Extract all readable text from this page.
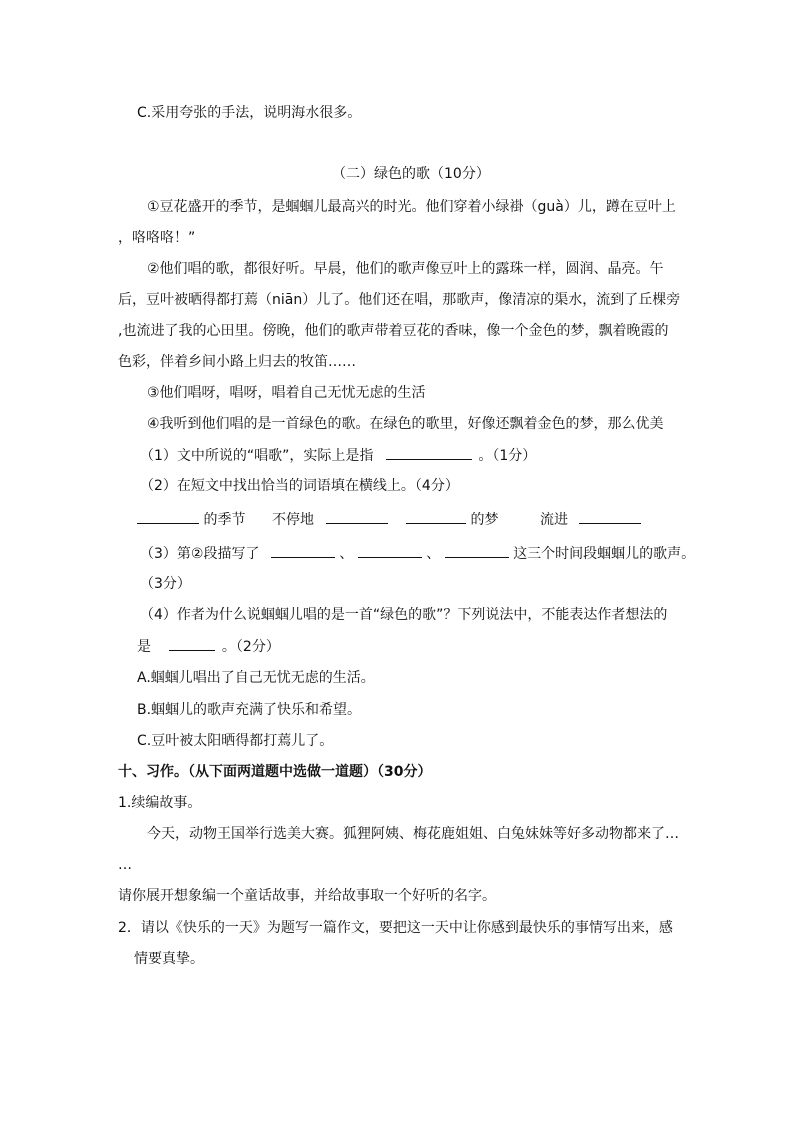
C.采用夸张的手法，说明海水很多。
（二）绿色的歌（10分）
①豆花盛开的季节，是蝈蝈儿最高兴的时光。他们穿着小绿褂（guà）儿，蹲在豆叶上
，咯咯咯！”
②他们唱的歌，都很好听。早晨，他们的歌声像豆叶上的露珠一样，圆润、晶亮。午
后，豆叶被晒得都打蔫（niān）儿了。他们还在唱，那歌声，像清凉的渠水，流到了丘棵旁
,也流进了我的心田里。傍晚，他们的歌声带着豆花的香味，像一个金色的梦，飘着晚霞的
色彩，伴着乡间小路上归去的牧笛……
③他们唱呀，唱呀，唱着自己无忧无虑的生活
④我听到他们唱的是一首绿色的歌。在绿色的歌里，好像还飘着金色的梦，那么优美
（1）文中所说的“唱歌”，实际上是指	。（1分）
（2）在短文中找出恰当的词语填在横线上。（4分）
的季节 不停地	的梦	流进
（3）第②段描写了	、	、	这三个时间段蝈蝈儿的歌声。
（3分）
（4）作者为什么说蝈蝈儿唱的是一首“绿色的歌”？下列说法中，不能表达作者想法的
是	。（2分）
A.蝈蝈儿唱出了自己无忧无虑的生活。
B.蝈蝈儿的歌声充满了快乐和希望。
C.豆叶被太阳晒得都打蔫儿了。
十、习作。（从下面两道题中选做一道题）（30分）
1.续编故事。
今天，动物王国举行选美大赛。狐狸阿姨、梅花鹿姐姐、白兔妹妹等好多动物都来了…
…
请你展开想象编一个童话故事，并给故事取一个好听的名字。
2．请以《快乐的一天》为题写一篇作文，要把这一天中让你感到最快乐的事情写出来，感
情要真挚。
